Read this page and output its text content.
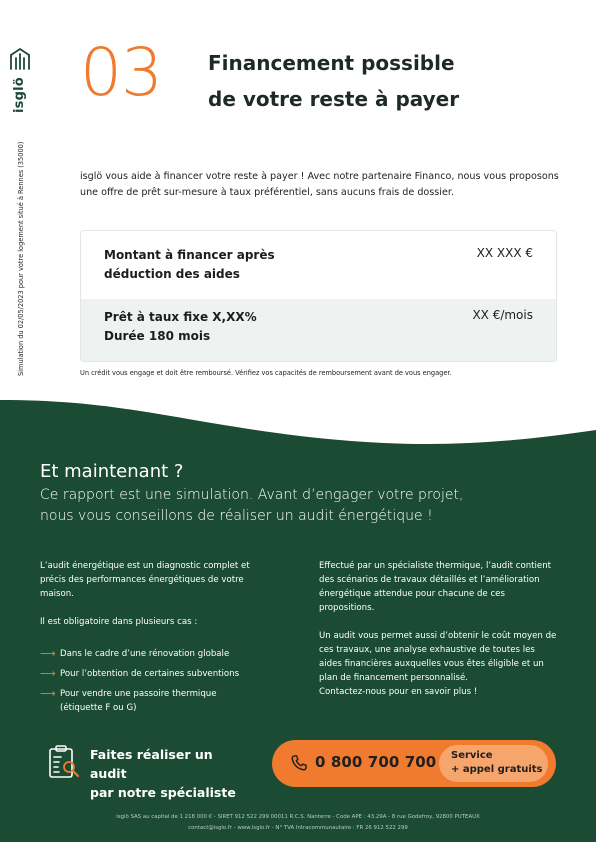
isglö
Simulation du 02/05/2023 pour votre logement situé à Rennes (35000)
03 Financement possible
de votre reste à payer
isglö vous aide à financer votre reste à payer ! Avec notre partenaire Financo, nous vous proposons une offre de prêt sur-mesure à taux préférentiel, sans aucuns frais de dossier.
Montant à financer après
déduction des aides
XX XXX €
Prêt à taux fixe X,XX%
Durée 180 mois
XX €/mois
Un crédit vous engage et doit être remboursé. Vérifiez vos capacités de remboursement avant de vous engager.
Et maintenant ?
Ce rapport est une simulation. Avant d’engager votre projet,
nous vous conseillons de réaliser un audit énergétique !

L’audit énergétique est un diagnostic complet et précis des performances énergétiques de votre maison.

Il est obligatoire dans plusieurs cas :

⟶ Dans le cadre d’une rénovation globale
⟶ Pour l’obtention de certaines subventions
⟶ Pour vendre une passoire thermique (étiquette F ou G)

Effectué par un spécialiste thermique, l’audit contient des scénarios de travaux détaillés et l’amélioration énergétique attendue pour chacune de ces propositions.

Un audit vous permet aussi d’obtenir le coût moyen de ces travaux, une analyse exhaustive de toutes les aides financières auxquelles vous êtes éligible et un plan de financement personnalisé.

Contactez-nous pour en savoir plus !

Faites réaliser un audit
par notre spécialiste
0 800 700 700 Service
+ appel gratuits
isglö SAS au capital de 1 218 000 € - SIRET 912 522 299 00011 R.C.S. Nanterre - Code APE : 43.29A - 8 rue Godefroy, 92800 PUTEAUX
contact@isglo.fr - www.isglo.fr - N° TVA Intracommunautaire : FR 26 912 522 299
